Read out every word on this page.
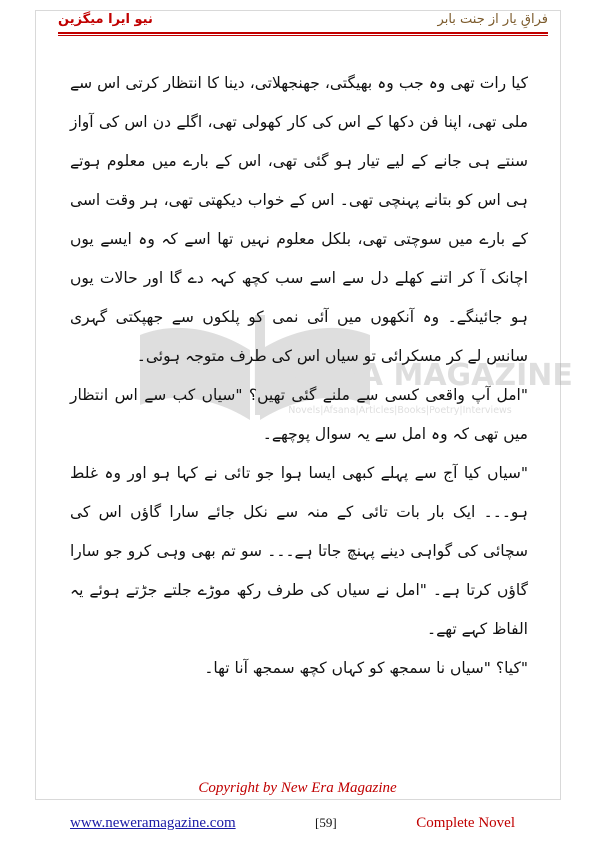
نیو ایرا میگزین	فراقِ یار از جنت بابر
NEW ERA MAGAZINE
Novels|Afsana|Articles|Books|Poetry|Interviews

کیا رات تھی وہ جب وہ بھیگتی، جھنجھلاتی، دینا کا انتظار کرتی اس سے ملی تھی، اپنا فن دکھا کے اس کی کار کھولی تھی، اگلے دن اس کی آواز سنتے ہی جانے کے لیے تیار ہو گئی تھی، اس کے بارے میں معلوم ہوتے ہی اس کو بتانے پہنچی تھی۔ اس کے خواب دیکھتی تھی، ہر وقت اسی کے بارے میں سوچتی تھی، بلکل معلوم نہیں تھا اسے کہ وہ ایسے یوں اچانک آ کر اتنے کھلے دل سے اسے سب کچھ کہہ دے گا اور حالات یوں ہو جائینگے۔ وہ آنکھوں میں آئی نمی کو پلکوں سے جھپکتی گہری سانس لے کر مسکرائی تو سیاں اس کی طرف متوجہ ہوئی۔

"امل آپ واقعی کسی سے ملنے گئی تھیں؟ "سیاں کب سے اس انتظار میں تھی کہ وہ امل سے یہ سوال پوچھے۔

"سیاں کیا آج سے پہلے کبھی ایسا ہوا جو تائی نے کہا ہو اور وہ غلط ہو۔۔۔ ایک بار بات تائی کے منہ سے نکل جائے سارا گاؤں اس کی سچائی کی گواہی دینے پہنچ جاتا ہے۔۔۔ سو تم بھی وہی کرو جو سارا گاؤں کرتا ہے۔ "امل نے سیاں کی طرف رکھ موڑے جلتے جڑتے ہوئے یہ الفاظ کہے تھے۔

"کیا؟ "سیاں نا سمجھ کو کہاں کچھ سمجھ آنا تھا۔

Copyright by New Era Magazine
www.neweramagazine.com	[59]	Complete Novel
